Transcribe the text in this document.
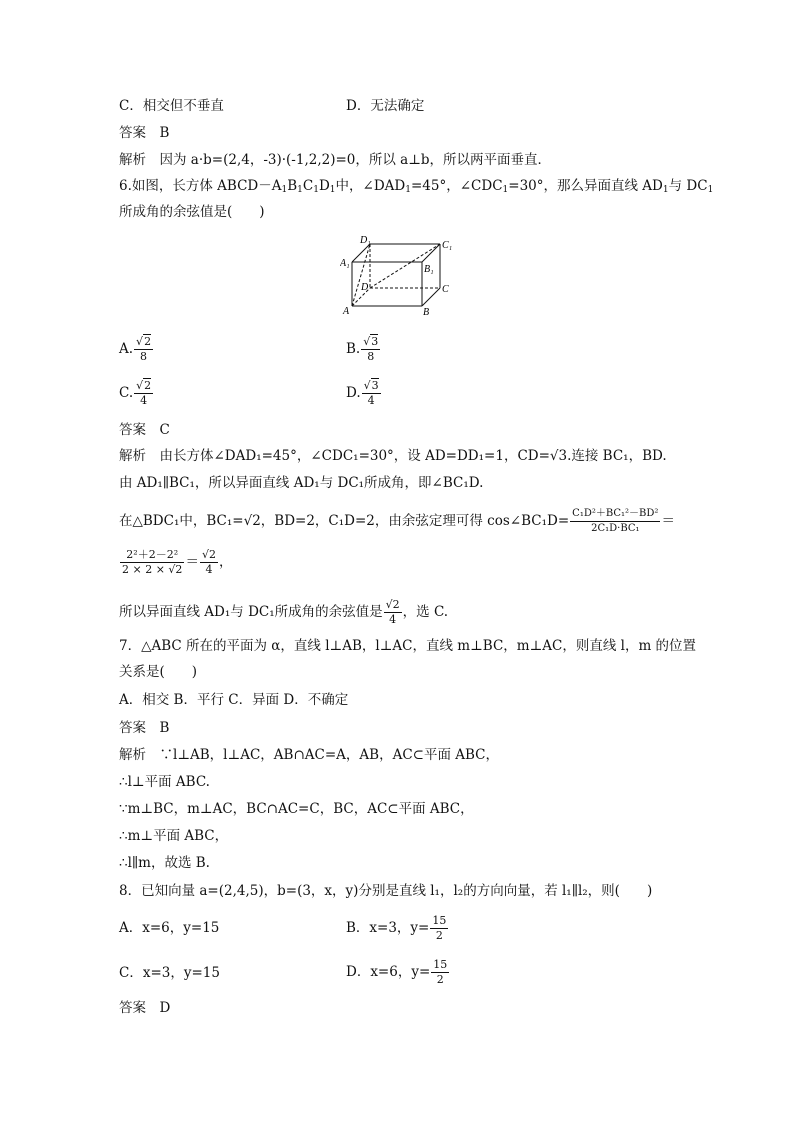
C．相交但不垂直	D．无法确定
答案　B
解析　因为 a·b=(2,4，-3)·(-1,2,2)=0，所以 a⊥b，所以两平面垂直．
6.如图，长方体 $ABCD-A_1B_1C_1D_1$中，$\angle DAD_1=45^\circ$，$\angle CDC_1=30^\circ$，那么异面直线 $AD_1$与 $DC_1$
所成角的余弦值是(　　)
D₁	C₁
A₁
B₁
D	C
A	B
A. $\frac{√2}{8}$	B. $\frac{√3}{8}$
C. $\frac{√2}{4}$	D. $\frac{√3}{4}$
答案　C
解析　由长方体∠DAD₁=45°，∠CDC₁=30°，设 AD=DD₁=1，CD=√3.连接 BC₁，BD.
由 AD₁∥BC₁，所以异面直线 AD₁与 DC₁所成角，即∠BC₁D.
在△BDC₁中，BC₁=√2，BD=2，C₁D=2，由余弦定理可得 cos∠BC₁D= $\frac{\text{C₁D²＋BC₁²－BD²}}{\text{2C₁D·BC₁}}$ ＝
$\frac{\text{2²＋2－2²}}{2 \times 2 \times √2} = \frac{√2}{4}$ ，
所以异面直线 AD₁与 DC₁所成角的余弦值是 $\frac{√2}{4}$ ，选 C.
7．△ABC 所在的平面为 α，直线 l⊥AB，l⊥AC，直线 m⊥BC，m⊥AC，则直线 l，m 的位置
关系是(　　)
A．相交 B．平行 C．异面 D．不确定
答案　B
解析　∵l⊥AB，l⊥AC，AB∩AC=A，AB，AC⊂平面 ABC，
∴l⊥平面 ABC.
∵m⊥BC，m⊥AC，BC∩AC=C，BC，AC⊂平面 ABC，
∴m⊥平面 ABC，
∴l∥m，故选 B.
8．已知向量 a=(2,4,5)，b=(3，x，y)分别是直线 l₁，l₂的方向向量，若 l₁∥l₂，则(　　)
A．x=6，y=15	B．x=3，$y= \frac{15}{2}$
C．x=3，y=15	D．x=6，$y= \frac{15}{2}$
答案　D
